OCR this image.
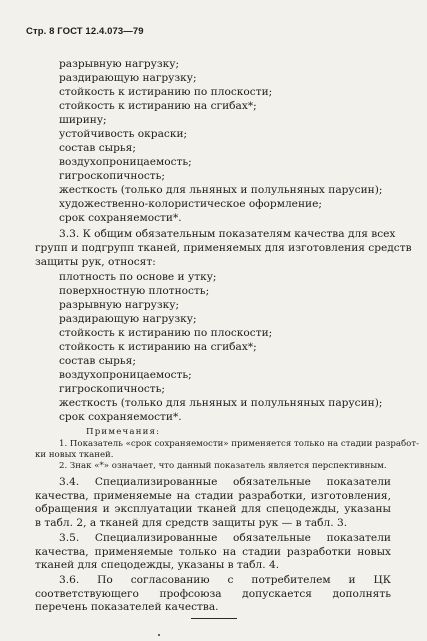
Стр. 8 ГОСТ 12.4.073—79
разрывную нагрузку;
раздирающую нагрузку;
стойкость к истиранию по плоскости;
стойкость к истиранию на сгибах*;
ширину;
устойчивость окраски;
состав сырья;
воздухопроницаемость;
гигроскопичность;
жесткость (только для льняных и полульняных парусин);
художественно-колористическое оформление;
срок сохраняемости*.
3.3. К общим обязательным показателям качества для всех
групп и подгрупп тканей, применяемых для изготовления средств
защиты рук, относят:
плотность по основе и утку;
поверхностную плотность;
разрывную нагрузку;
раздирающую нагрузку;
стойкость к истиранию по плоскости;
стойкость к истиранию на сгибах*;
состав сырья;
воздухопроницаемость;
гигроскопичность;
жесткость (только для льняных и полульняных парусин);
срок сохраняемости*.
Примечания:
1. Показатель «срок сохраняемости» применяется только на стадии разработ-
ки новых тканей.
2. Знак «*» означает, что данный показатель является перспективным.
3.4. Специализированные обязательные показатели качества, применяемые на стадии разработки, изготовления, обращения и эксплуатации тканей для спецодежды, указаны в табл. 2, а тканей для средств защиты рук — в табл. 3.
3.5. Специализированные обязательные показатели качества, применяемые только на стадии разработки новых тканей для спецодежды, указаны в табл. 4.
3.6. По согласованию с потребителем и ЦК соответствующего профсоюза допускается дополнять перечень показателей качества.
